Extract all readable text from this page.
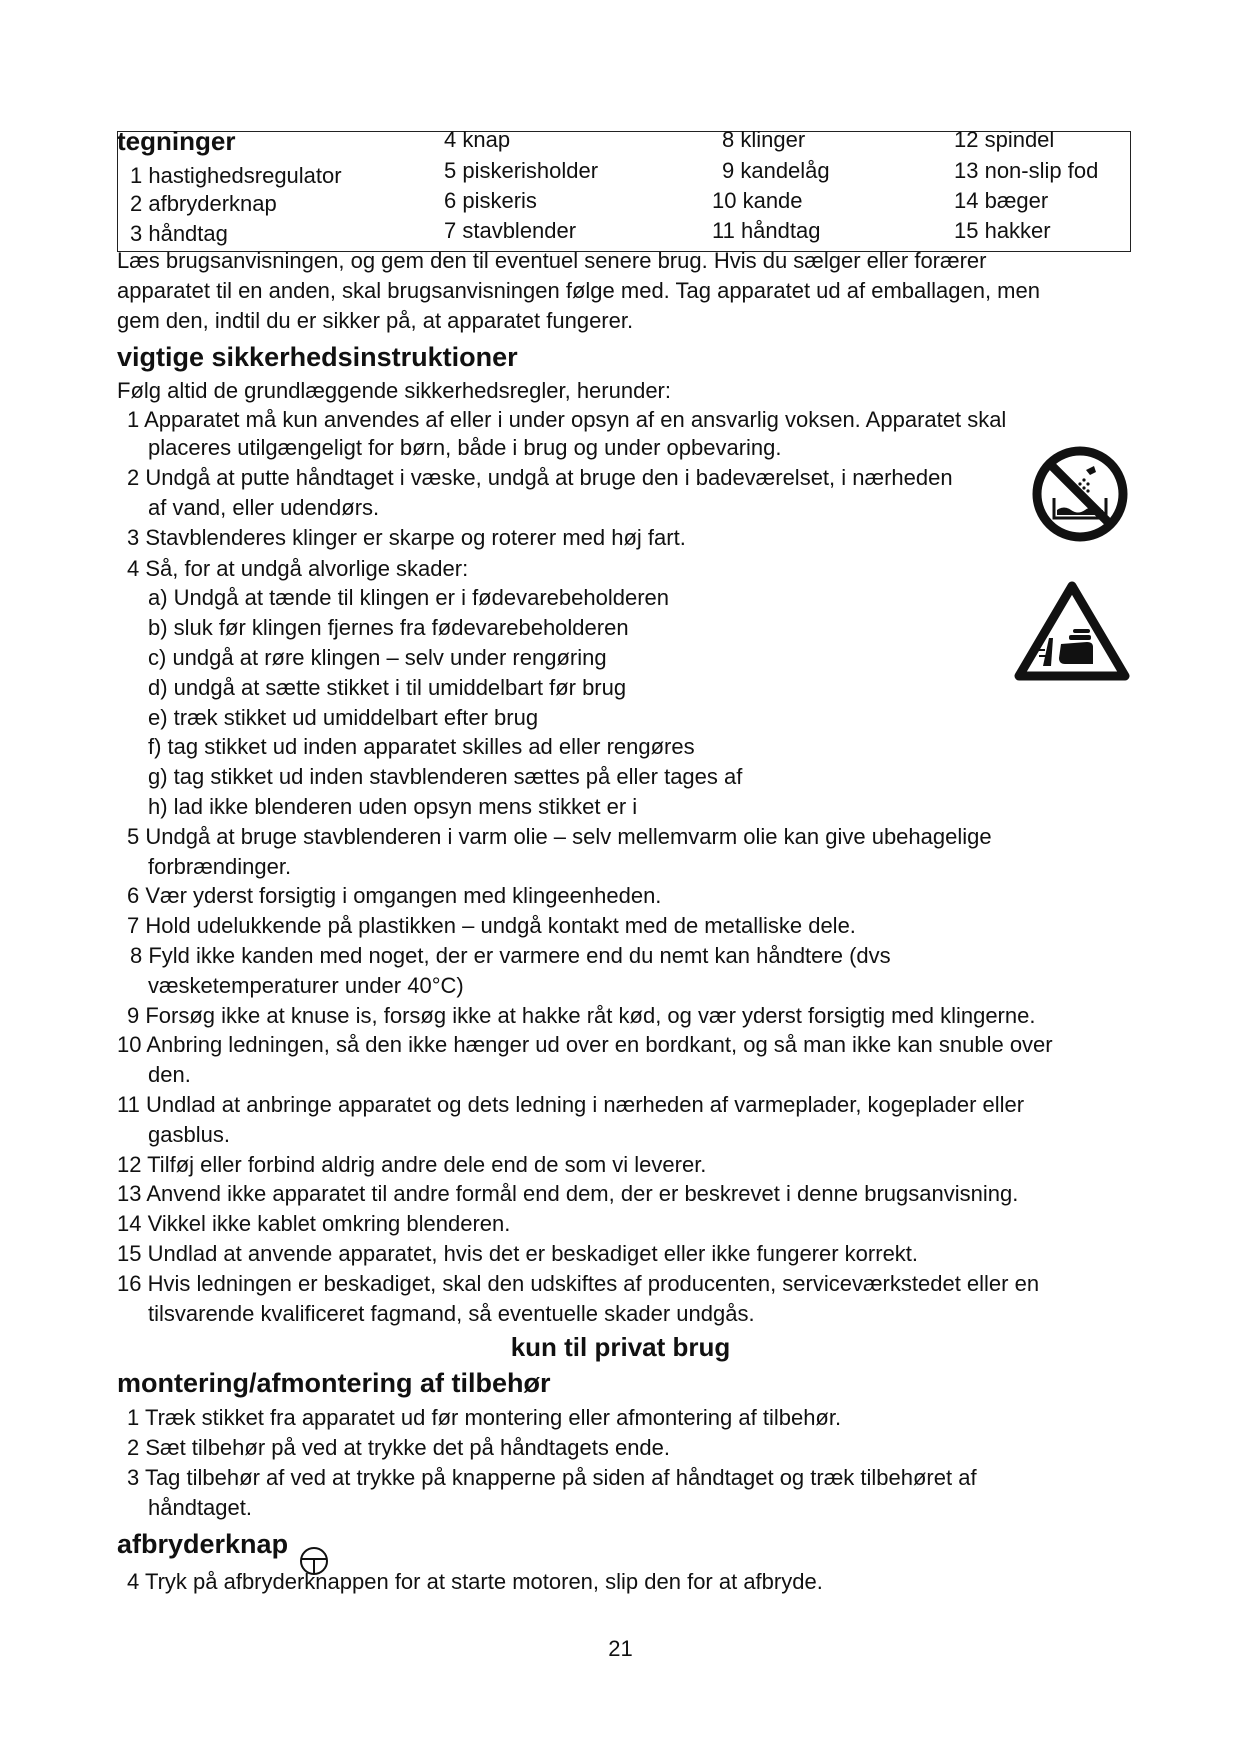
tegninger
1 hastighedsregulator
2 afbryderknap
3 håndtag
4 knap
5 piskerisholder
6 piskeris
7 stavblender
8 klinger
9 kandelåg
10 kande
11 håndtag
12 spindel
13 non-slip fod
14 bæger
15 hakker
Læs brugsanvisningen, og gem den til eventuel senere brug. Hvis du sælger eller forærer
apparatet til en anden, skal brugsanvisningen følge med. Tag apparatet ud af emballagen, men
gem den, indtil du er sikker på, at apparatet fungerer.
vigtige sikkerhedsinstruktioner
Følg altid de grundlæggende sikkerhedsregler, herunder:
1 Apparatet må kun anvendes af eller i under opsyn af en ansvarlig voksen. Apparatet skal
placeres utilgængeligt for børn, både i brug og under opbevaring.
2 Undgå at putte håndtaget i væske, undgå at bruge den i badeværelset, i nærheden
af vand, eller udendørs.
3 Stavblenderes klinger er skarpe og roterer med høj fart.
4 Så, for at undgå alvorlige skader:
a) Undgå at tænde til klingen er i fødevarebeholderen
b) sluk før klingen fjernes fra fødevarebeholderen
c) undgå at røre klingen – selv under rengøring
d) undgå at sætte stikket i til umiddelbart før brug
e) træk stikket ud umiddelbart efter brug
f) tag stikket ud inden apparatet skilles ad eller rengøres
g) tag stikket ud inden stavblenderen sættes på eller tages af
h) lad ikke blenderen uden opsyn mens stikket er i
5 Undgå at bruge stavblenderen i varm olie – selv mellemvarm olie kan give ubehagelige
forbrændinger.
6 Vær yderst forsigtig i omgangen med klingeenheden.
7 Hold udelukkende på plastikken – undgå kontakt med de metalliske dele.
8 Fyld ikke kanden med noget, der er varmere end du nemt kan håndtere (dvs
væsketemperaturer under 40°C)
9 Forsøg ikke at knuse is, forsøg ikke at hakke råt kød, og vær yderst forsigtig med klingerne.
10 Anbring ledningen, så den ikke hænger ud over en bordkant, og så man ikke kan snuble over
den.
11 Undlad at anbringe apparatet og dets ledning i nærheden af varmeplader, kogeplader eller
gasblus.
12 Tilføj eller forbind aldrig andre dele end de som vi leverer.
13 Anvend ikke apparatet til andre formål end dem, der er beskrevet i denne brugsanvisning.
14 Vikkel ikke kablet omkring blenderen.
15 Undlad at anvende apparatet, hvis det er beskadiget eller ikke fungerer korrekt.
16 Hvis ledningen er beskadiget, skal den udskiftes af producenten, serviceværkstedet eller en
tilsvarende kvalificeret fagmand, så eventuelle skader undgås.
kun til privat brug
montering/afmontering af tilbehør
1 Træk stikket fra apparatet ud før montering eller afmontering af tilbehør.
2 Sæt tilbehør på ved at trykke det på håndtagets ende.
3 Tag tilbehør af ved at trykke på knapperne på siden af håndtaget og træk tilbehøret af
håndtaget.
afbryderknap
4 Tryk på afbryderknappen for at starte motoren, slip den for at afbryde.
21
